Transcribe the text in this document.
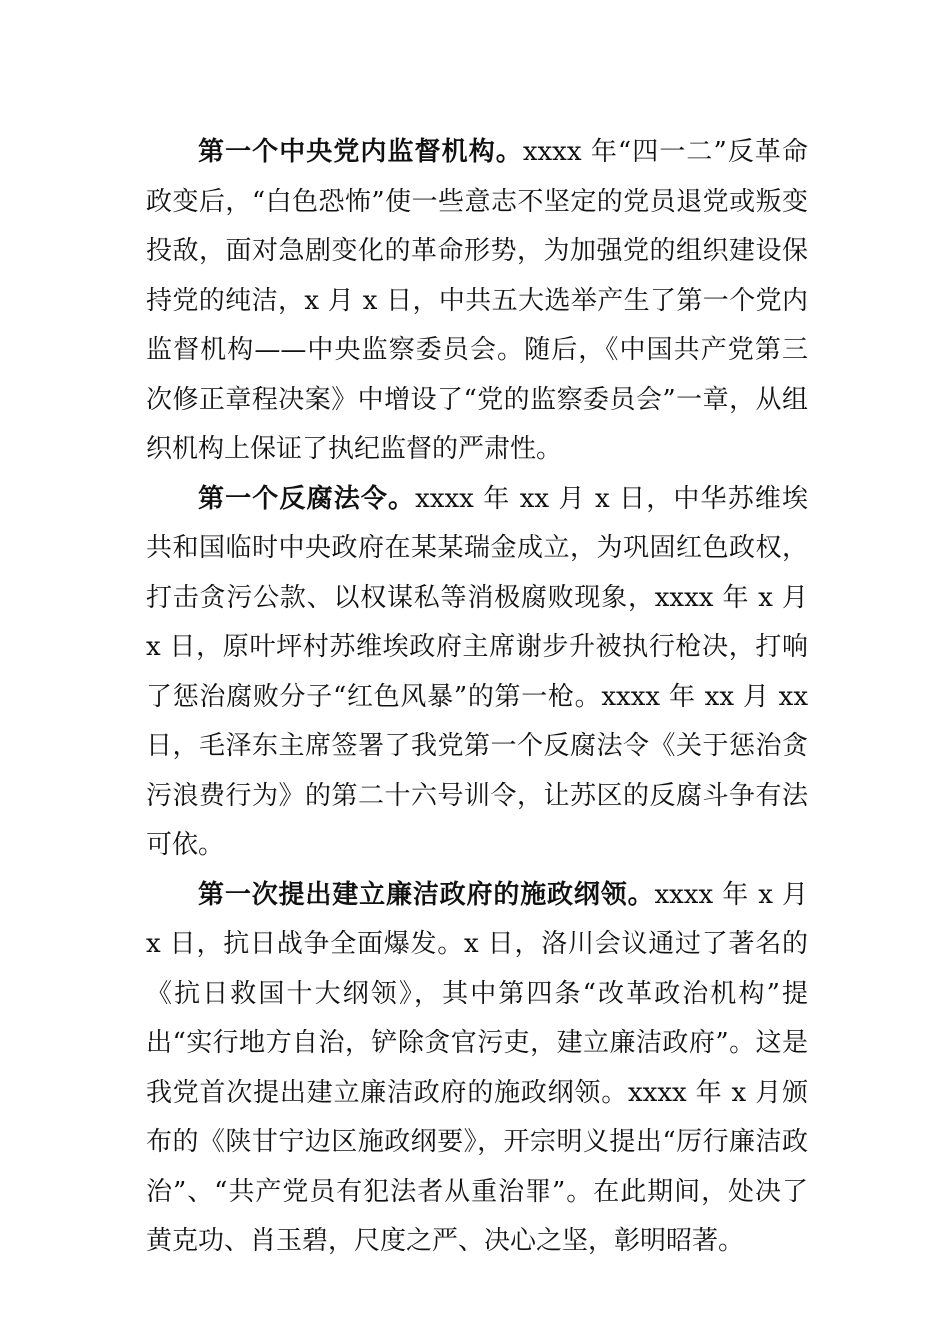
第一个中央党内监督机构。xxxx 年“四一二”反革命政变后，“白色恐怖”使一些意志不坚定的党员退党或叛变投敌，面对急剧变化的革命形势，为加强党的组织建设保持党的纯洁，x 月 x 日，中共五大选举产生了第一个党内监督机构——中央监察委员会。随后，《中国共产党第三次修正章程决案》中增设了“党的监察委员会”一章，从组织机构上保证了执纪监督的严肃性。

第一个反腐法令。xxxx 年 xx 月 x 日，中华苏维埃共和国临时中央政府在某某瑞金成立，为巩固红色政权，打击贪污公款、以权谋私等消极腐败现象，xxxx 年 x 月 x 日，原叶坪村苏维埃政府主席谢步升被执行枪决，打响了惩治腐败分子“红色风暴”的第一枪。xxxx 年 xx 月 xx 日，毛泽东主席签署了我党第一个反腐法令《关于惩治贪污浪费行为》的第二十六号训令，让苏区的反腐斗争有法可依。

第一次提出建立廉洁政府的施政纲领。xxxx 年 x 月 x 日，抗日战争全面爆发。x 日，洛川会议通过了著名的《抗日救国十大纲领》，其中第四条“改革政治机构”提出“实行地方自治，铲除贪官污吏，建立廉洁政府”。这是我党首次提出建立廉洁政府的施政纲领。xxxx 年 x 月颁布的《陕甘宁边区施政纲要》，开宗明义提出“厉行廉洁政治”、“共产党员有犯法者从重治罪”。在此期间，处决了黄克功、肖玉碧，尺度之严、决心之坚，彰明昭著。
